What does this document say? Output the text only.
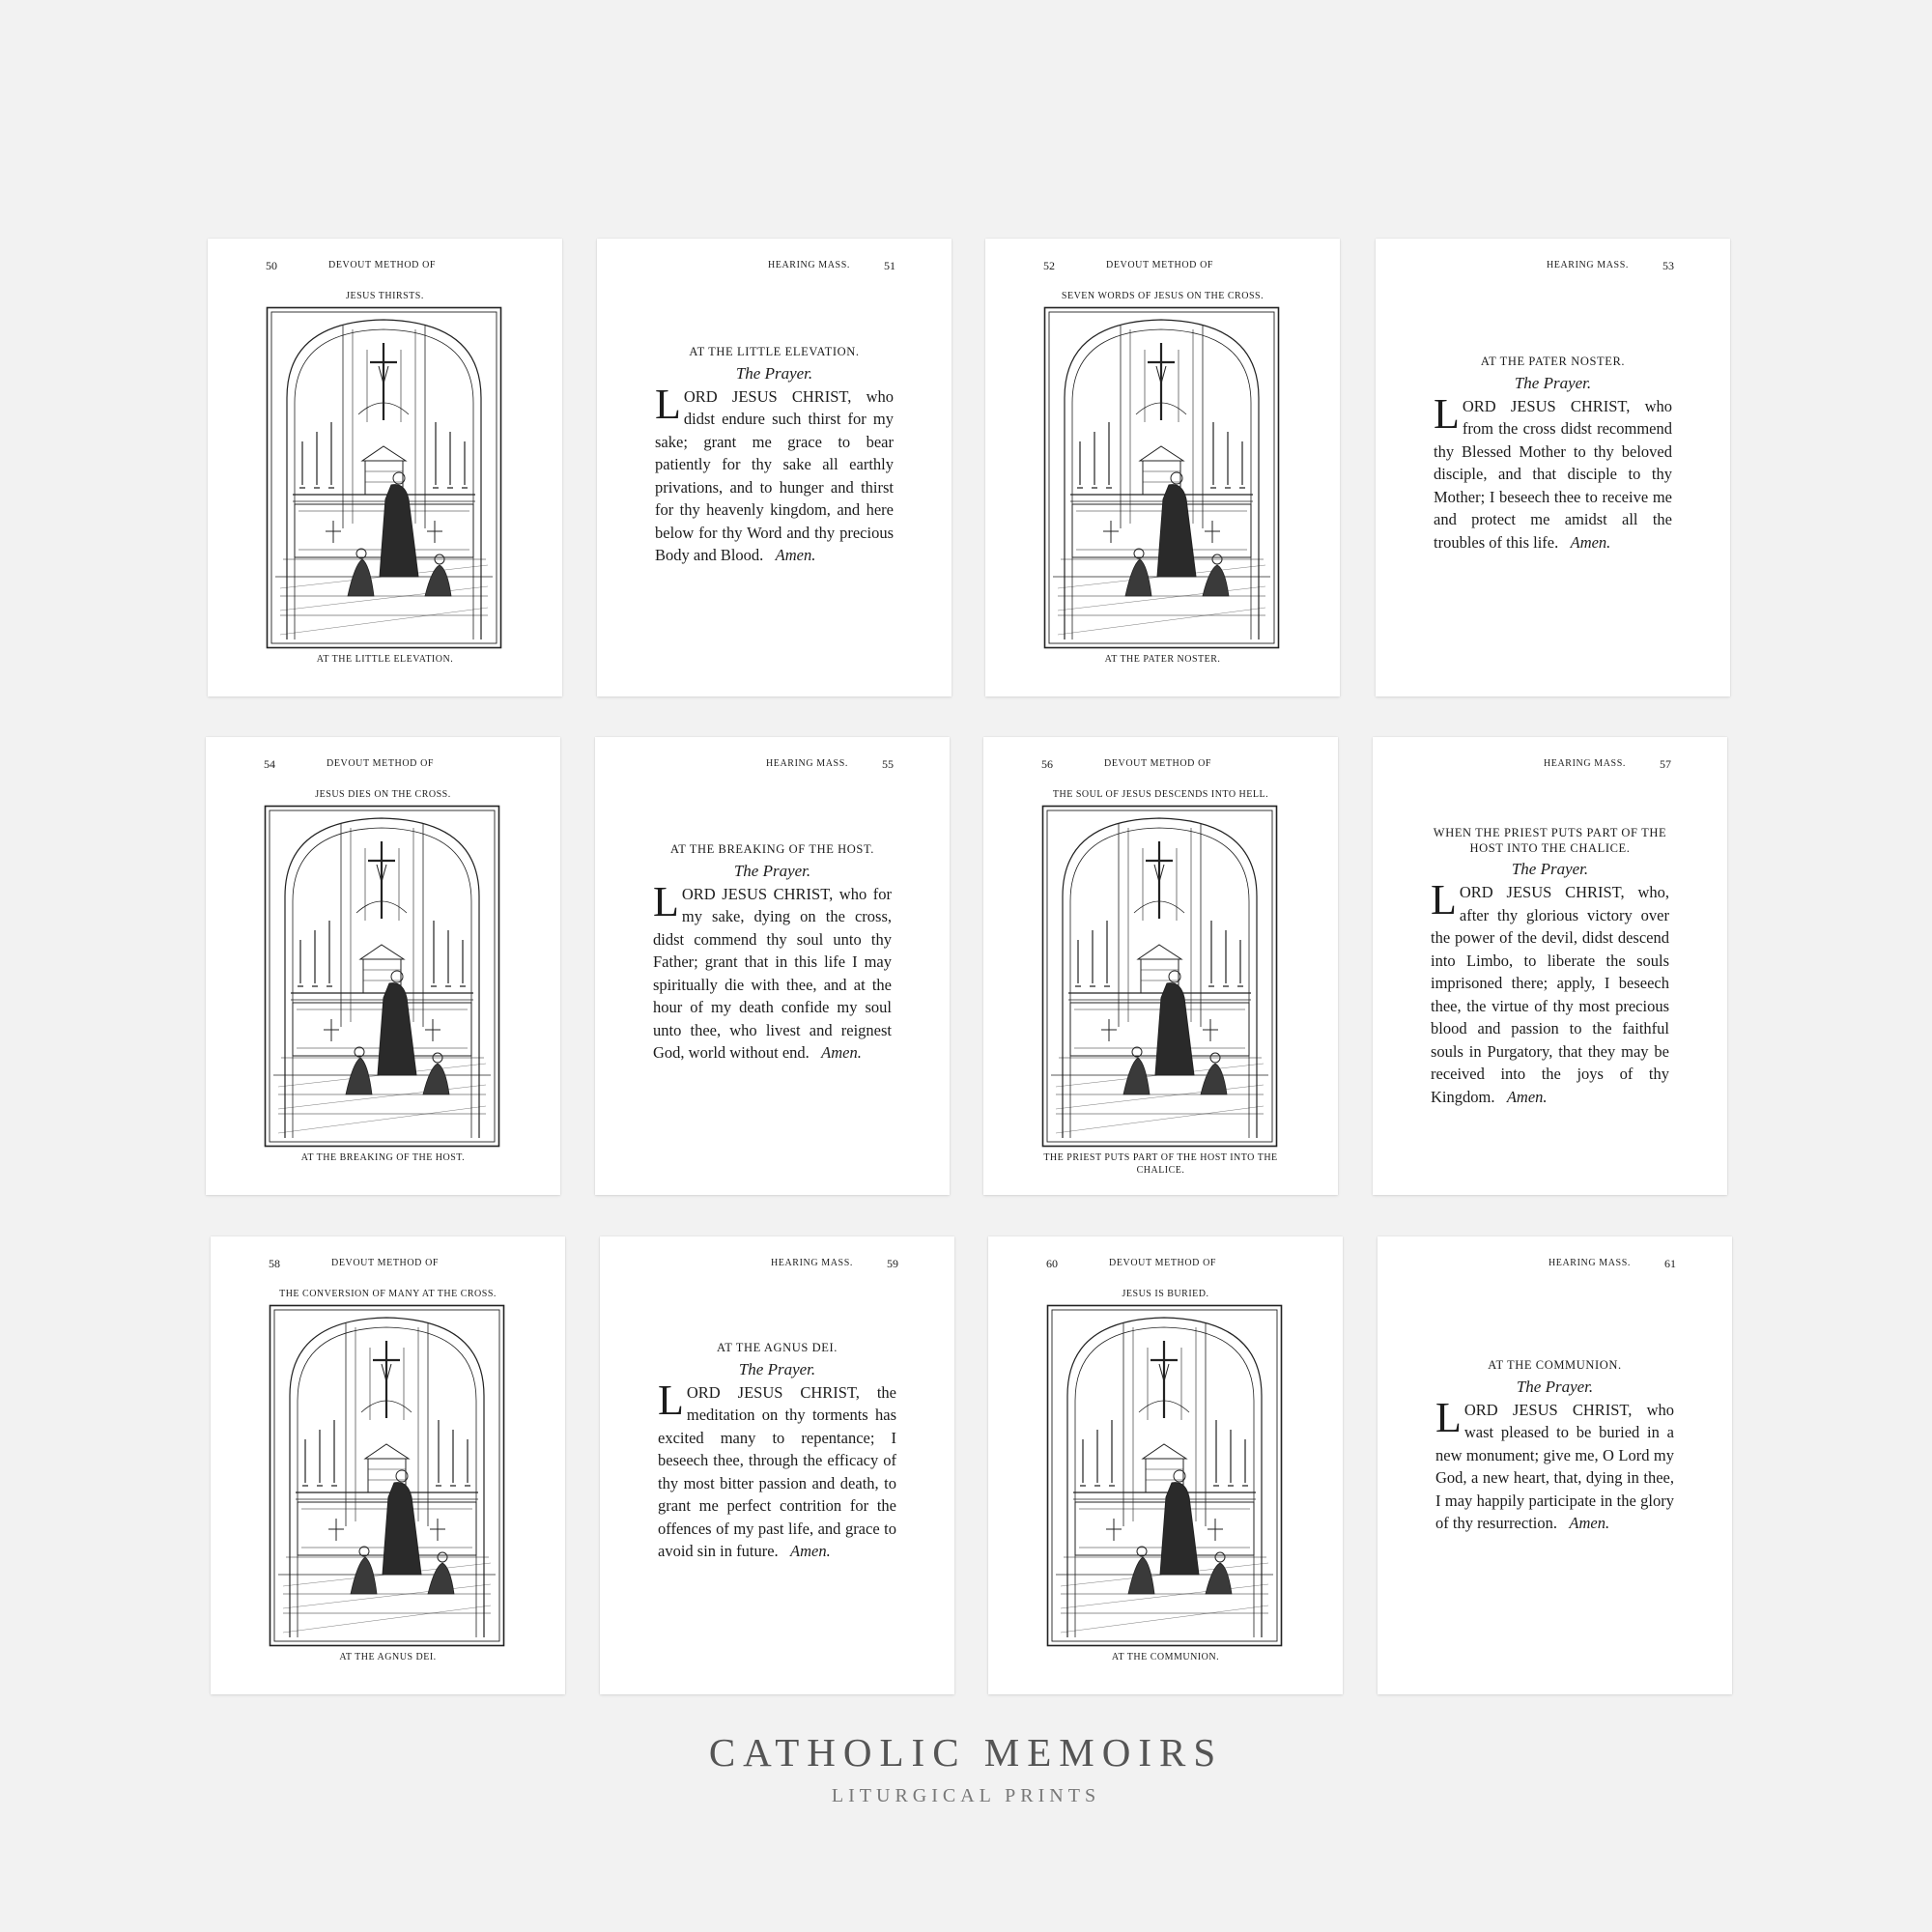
50	DEVOUT METHOD OF
JESUS THIRSTS.
AT THE LITTLE ELEVATION.
HEARING MASS.	51
AT THE LITTLE ELEVATION.
The Prayer.
LORD JESUS CHRIST, who didst endure such thirst for my sake; grant me grace to bear patiently for thy sake all earthly privations, and to hunger and thirst for thy heavenly kingdom, and here below for thy Word and thy precious Body and Blood. Amen.
52	DEVOUT METHOD OF
SEVEN WORDS OF JESUS ON THE CROSS.
AT THE PATER NOSTER.
HEARING MASS.	53
AT THE PATER NOSTER.
The Prayer.
LORD JESUS CHRIST, who from the cross didst recommend thy Blessed Mother to thy beloved disciple, and that disciple to thy Mother; I beseech thee to receive me and protect me amidst all the troubles of this life. Amen.
54	DEVOUT METHOD OF
JESUS DIES ON THE CROSS.
AT THE BREAKING OF THE HOST.
HEARING MASS.	55
AT THE BREAKING OF THE HOST.
The Prayer.
LORD JESUS CHRIST, who for my sake, dying on the cross, didst commend thy soul unto thy Father; grant that in this life I may spiritually die with thee, and at the hour of my death confide my soul unto thee, who livest and reignest God, world without end. Amen.
56	DEVOUT METHOD OF
THE SOUL OF JESUS DESCENDS INTO HELL.
THE PRIEST PUTS PART OF THE HOST INTO THE CHALICE.
HEARING MASS.	57
WHEN THE PRIEST PUTS PART OF THE HOST INTO THE CHALICE.
The Prayer.
LORD JESUS CHRIST, who, after thy glorious victory over the power of the devil, didst descend into Limbo, to liberate the souls imprisoned there; apply, I beseech thee, the virtue of thy most precious blood and passion to the faithful souls in Purgatory, that they may be received into the joys of thy Kingdom. Amen.
58	DEVOUT METHOD OF
THE CONVERSION OF MANY AT THE CROSS.
AT THE AGNUS DEI.
HEARING MASS.	59
AT THE AGNUS DEI.
The Prayer.
LORD JESUS CHRIST, the meditation on thy torments has excited many to repentance; I beseech thee, through the efficacy of thy most bitter passion and death, to grant me perfect contrition for the offences of my past life, and grace to avoid sin in future. Amen.
60	DEVOUT METHOD OF
JESUS IS BURIED.
AT THE COMMUNION.
HEARING MASS.	61
AT THE COMMUNION.
The Prayer.
LORD JESUS CHRIST, who wast pleased to be buried in a new monument; give me, O Lord my God, a new heart, that, dying in thee, I may happily participate in the glory of thy resurrection. Amen.
CATHOLIC MEMOIRS
LITURGICAL PRINTS
